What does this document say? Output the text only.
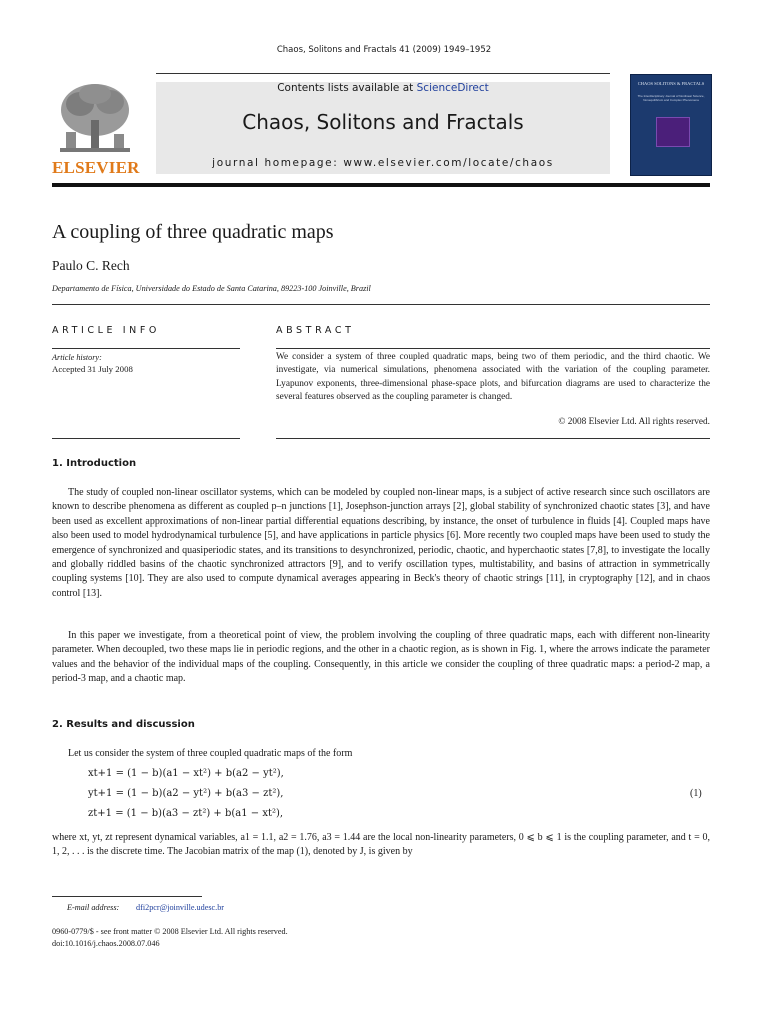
Chaos, Solitons and Fractals 41 (2009) 1949–1952
ELSEVIER
Contents lists available at ScienceDirect
Chaos, Solitons and Fractals
journal homepage: www.elsevier.com/locate/chaos
CHAOS SOLITONS & FRACTALS
The Interdisciplinary Journal of Nonlinear Science, Nonequilibrium and Complex Phenomena
A coupling of three quadratic maps
Paulo C. Rech
Departamento de Física, Universidade do Estado de Santa Catarina, 89223-100 Joinville, Brazil
ARTICLE INFO	ABSTRACT
Article history:
Accepted 31 July 2008
We consider a system of three coupled quadratic maps, being two of them periodic, and the third chaotic. We investigate, via numerical simulations, phenomena associated with the variation of the coupling parameter. Lyapunov exponents, three-dimensional phase-space plots, and bifurcation diagrams are used to characterize the several features observed as the coupling parameter is changed.
© 2008 Elsevier Ltd. All rights reserved.
1. Introduction
The study of coupled non-linear oscillator systems, which can be modeled by coupled non-linear maps, is a subject of active research since such oscillators are known to describe phenomena as different as coupled p–n junctions [1], Josephson-junction arrays [2], global stability of synchronized chaotic states [3], and have been used as excellent approximations of non-linear partial differential equations describing, by instance, the onset of turbulence in fluids [4]. Coupled maps have also been used to model hydrodynamical turbulence [5], and have applications in particle physics [6]. More recently two coupled maps have been used to study the emergence of synchronized and quasiperiodic states, and its transitions to desynchronized, periodic, chaotic, and hyperchaotic states [7,8], to investigate the locally and globally riddled basins of the chaotic synchronized attractors [9], and to verify oscillation types, multistability, and basins of attraction in symmetrically coupling systems [10]. They are also used to compute dynamical averages appearing in Beck's theory of chaotic strings [11], in cryptography [12], and in chaos control [13].
In this paper we investigate, from a theoretical point of view, the problem involving the coupling of three quadratic maps, each with different non-linearity parameter. When decoupled, two these maps lie in periodic regions, and the other in a chaotic region, as is shown in Fig. 1, where the arrows indicate the parameter values and the behavior of the individual maps of the coupling. Consequently, in this article we consider the coupling of three quadratic maps: a period-2 map, a period-3 map, and a chaotic map.
2. Results and discussion
Let us consider the system of three coupled quadratic maps of the form
xt+1 = (1 − b)(a1 − xt²) + b(a2 − yt²),
yt+1 = (1 − b)(a2 − yt²) + b(a3 − zt²),
zt+1 = (1 − b)(a3 − zt²) + b(a1 − xt²),
(1)
where xt, yt, zt represent dynamical variables, a1 = 1.1, a2 = 1.76, a3 = 1.44 are the local non-linearity parameters, 0 ⩽ b ⩽ 1 is the coupling parameter, and t = 0, 1, 2, . . . is the discrete time. The Jacobian matrix of the map (1), denoted by J, is given by
E-mail address: dfi2pcr@joinville.udesc.br
0960-0779/$ - see front matter © 2008 Elsevier Ltd. All rights reserved.
doi:10.1016/j.chaos.2008.07.046
